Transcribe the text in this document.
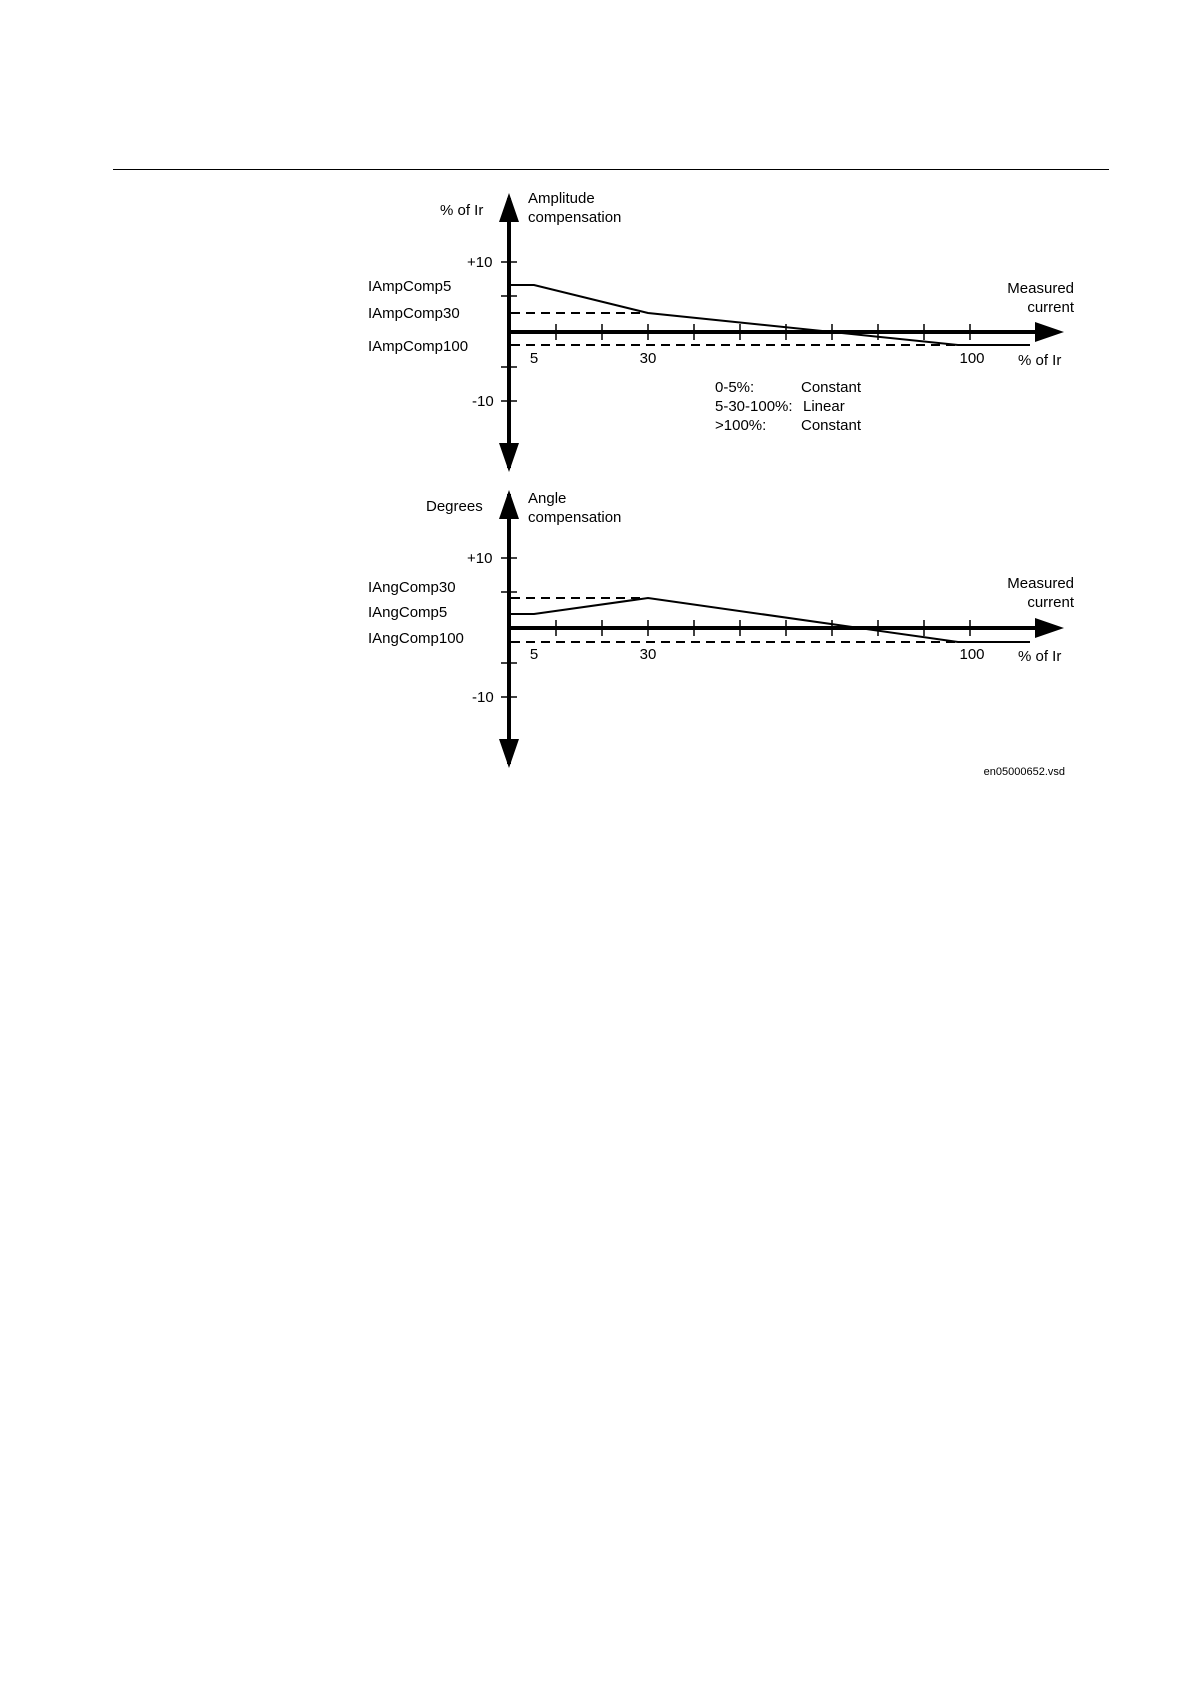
% of Ir
Amplitude
compensation
+10
-10
IAmpComp5
IAmpComp30
IAmpComp100
Measured
current
5	30	100 % of Ir
0-5%:	Constant
5-30-100%: Linear
>100%: Constant
Degrees	Angle
compensation
+10
-10
IAngComp30
IAngComp5
IAngComp100
Measured
current
5	30	100 % of Ir
en05000652.vsd
